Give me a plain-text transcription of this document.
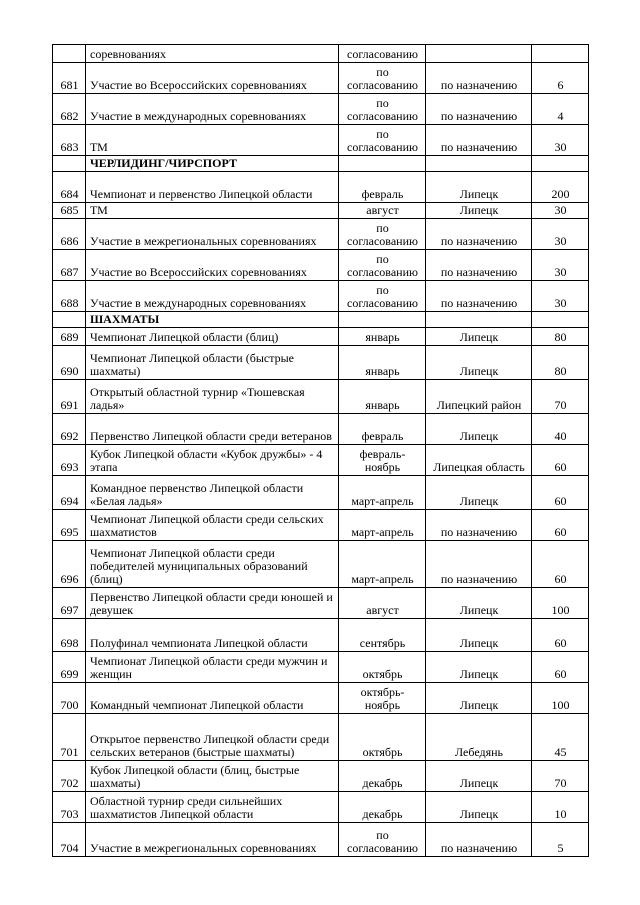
	соревнованиях	согласованию		
681	Участие во Всероссийских соревнованиях	по согласованию	по назначению	6
682	Участие в международных соревнованиях	по согласованию	по назначению	4
683	ТМ	по согласованию	по назначению	30
	ЧЕРЛИДИНГ/ЧИРСПОРТ			
684	Чемпионат и первенство Липецкой области	февраль	Липецк	200
685	ТМ	август	Липецк	30
686	Участие в межрегиональных соревнованиях	по согласованию	по назначению	30
687	Участие во Всероссийских соревнованиях	по согласованию	по назначению	30
688	Участие в международных соревнованиях	по согласованию	по назначению	30
	ШАХМАТЫ			
689	Чемпионат Липецкой области (блиц)	январь	Липецк	80
690	Чемпионат Липецкой области (быстрые шахматы)	январь	Липецк	80
691	Открытый областной турнир «Тюшевская ладья»	январь	Липецкий район	70
692	Первенство Липецкой области среди ветеранов	февраль	Липецк	40
693	Кубок Липецкой области «Кубок дружбы» - 4 этапа	февраль-ноябрь	Липецкая область	60
694	Командное первенство Липецкой области «Белая ладья»	март-апрель	Липецк	60
695	Чемпионат Липецкой области среди сельских шахматистов	март-апрель	по назначению	60
696	Чемпионат Липецкой области среди победителей муниципальных образований (блиц)	март-апрель	по назначению	60
697	Первенство Липецкой области среди юношей и девушек	август	Липецк	100
698	Полуфинал чемпионата Липецкой области	сентябрь	Липецк	60
699	Чемпионат Липецкой области среди мужчин и женщин	октябрь	Липецк	60
700	Командный чемпионат Липецкой области	октябрь-ноябрь	Липецк	100
701	Открытое первенство Липецкой области среди сельских ветеранов (быстрые шахматы)	октябрь	Лебедянь	45
702	Кубок Липецкой области (блиц, быстрые шахматы)	декабрь	Липецк	70
703	Областной турнир среди сильнейших шахматистов Липецкой области	декабрь	Липецк	10
704	Участие в межрегиональных соревнованиях	по согласованию	по назначению	5
